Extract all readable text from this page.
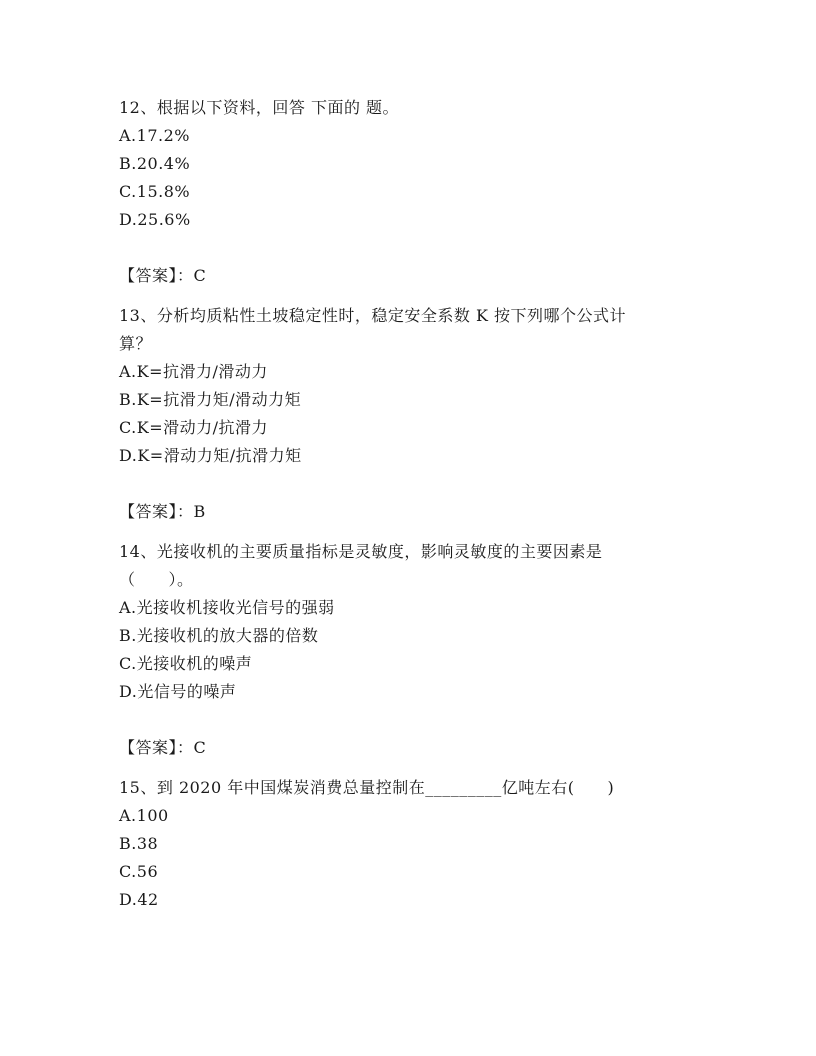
12、根据以下资料，回答 下面的 题。
A.17.2%
B.20.4%
C.15.8%
D.25.6%
【答案】：C
13、分析均质粘性土坡稳定性时，稳定安全系数 K 按下列哪个公式计
算？
A.K=抗滑力/滑动力
B.K=抗滑力矩/滑动力矩
C.K=滑动力/抗滑力
D.K=滑动力矩/抗滑力矩
【答案】：B
14、光接收机的主要质量指标是灵敏度，影响灵敏度的主要因素是
（　　）。
A.光接收机接收光信号的强弱
B.光接收机的放大器的倍数
C.光接收机的噪声
D.光信号的噪声
【答案】：C
15、到 2020 年中国煤炭消费总量控制在_________亿吨左右(　　)
A.100
B.38
C.56
D.42
